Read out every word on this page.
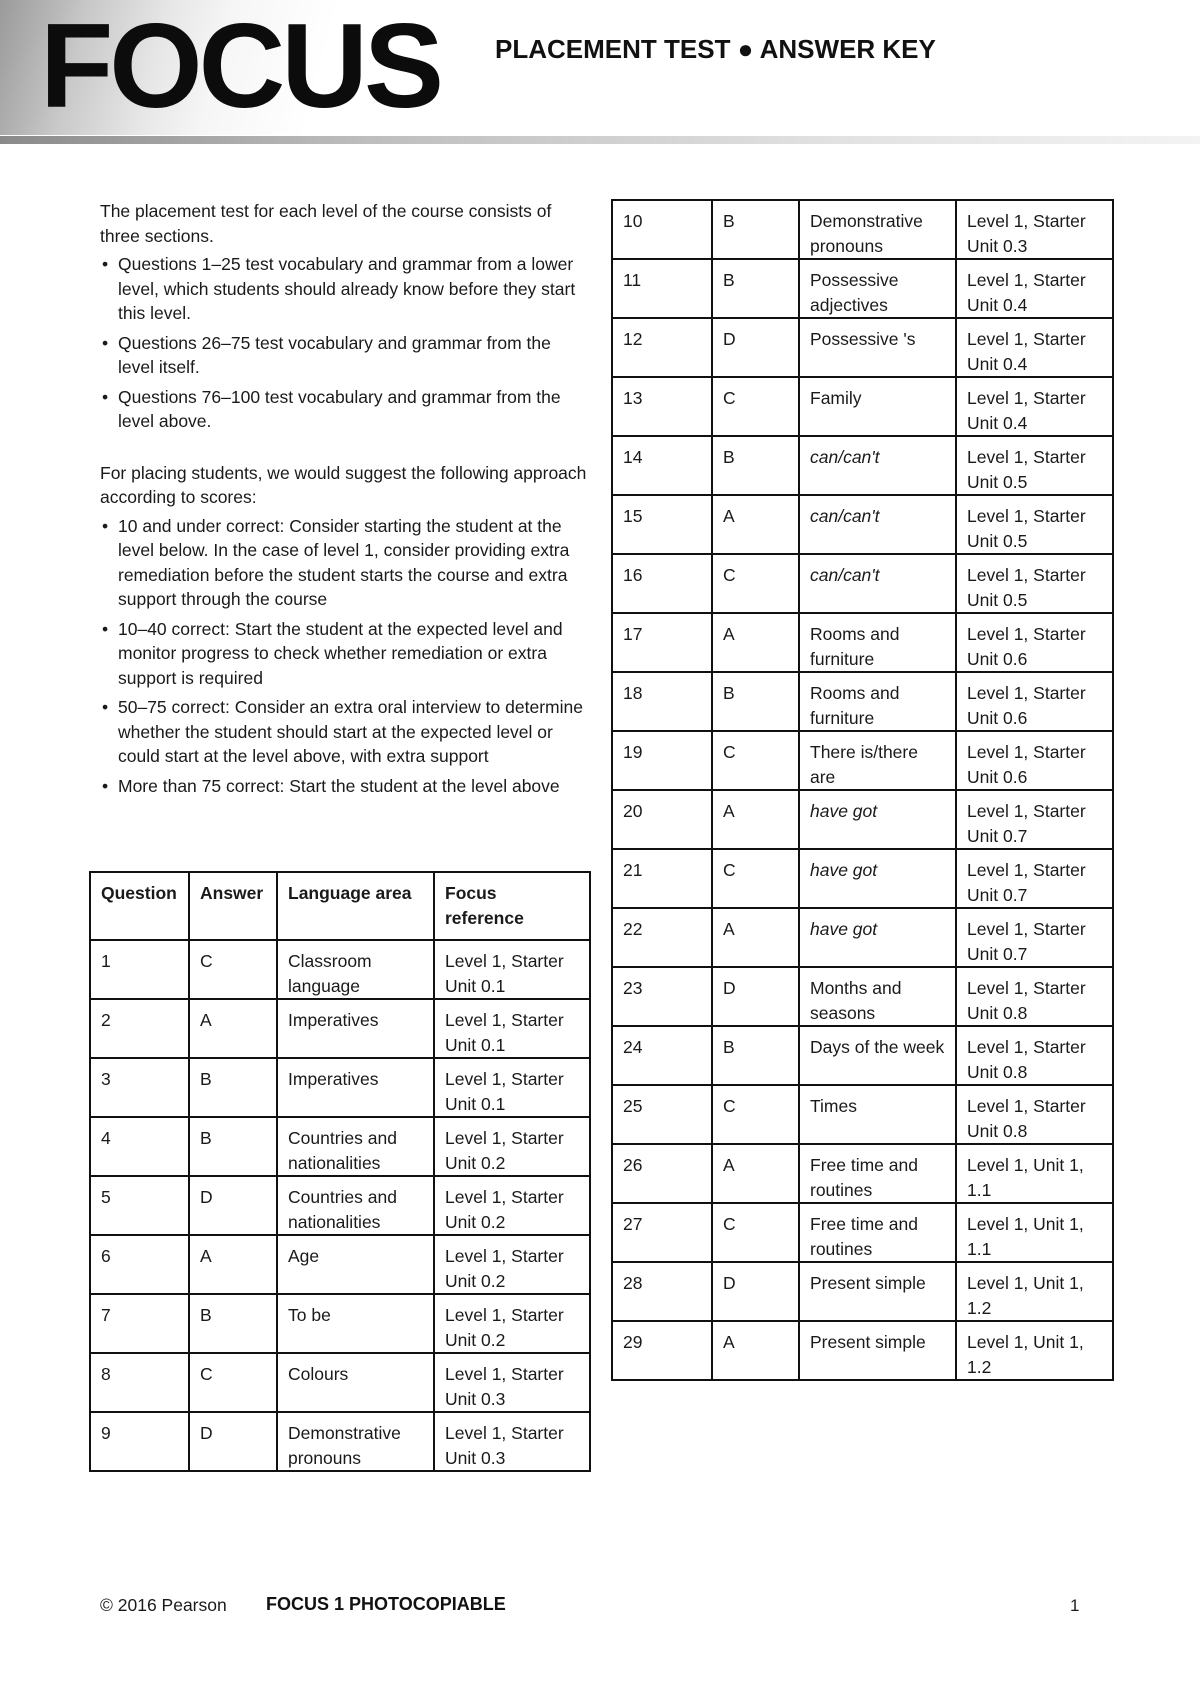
FOCUS PLACEMENT TEST ● ANSWER KEY

The placement test for each level of the course consists of three sections.

• Questions 1–25 test vocabulary and grammar from a lower level, which students should already know before they start this level.
• Questions 26–75 test vocabulary and grammar from the level itself.
• Questions 76–100 test vocabulary and grammar from the level above.

For placing students, we would suggest the following approach according to scores:

• 10 and under correct: Consider starting the student at the level below. In the case of level 1, consider providing extra remediation before the student starts the course and extra support through the course
• 10–40 correct: Start the student at the expected level and monitor progress to check whether remediation or extra support is required
• 50–75 correct: Consider an extra oral interview to determine whether the student should start at the expected level or could start at the level above, with extra support
• More than 75 correct: Start the student at the level above
Question	Answer	Language area	Focus reference
1	C	Classroom language	Level 1, Starter Unit 0.1
2	A	Imperatives	Level 1, Starter Unit 0.1
3	B	Imperatives	Level 1, Starter Unit 0.1
4	B	Countries and nationalities	Level 1, Starter Unit 0.2
5	D	Countries and nationalities	Level 1, Starter Unit 0.2
6	A	Age	Level 1, Starter Unit 0.2
7	B	To be	Level 1, Starter Unit 0.2
8	C	Colours	Level 1, Starter Unit 0.3
9	D	Demonstrative pronouns	Level 1, Starter Unit 0.3
10	B	Demonstrative pronouns	Level 1, Starter Unit 0.3
11	B	Possessive adjectives	Level 1, Starter Unit 0.4
12	D	Possessive 's	Level 1, Starter Unit 0.4
13	C	Family	Level 1, Starter Unit 0.4
14	B	can/can't	Level 1, Starter Unit 0.5
15	A	can/can't	Level 1, Starter Unit 0.5
16	C	can/can't	Level 1, Starter Unit 0.5
17	A	Rooms and furniture	Level 1, Starter Unit 0.6
18	B	Rooms and furniture	Level 1, Starter Unit 0.6
19	C	There is/there are	Level 1, Starter Unit 0.6
20	A	have got	Level 1, Starter Unit 0.7
21	C	have got	Level 1, Starter Unit 0.7
22	A	have got	Level 1, Starter Unit 0.7
23	D	Months and seasons	Level 1, Starter Unit 0.8
24	B	Days of the week	Level 1, Starter Unit 0.8
25	C	Times	Level 1, Starter Unit 0.8
26	A	Free time and routines	Level 1, Unit 1, 1.1
27	C	Free time and routines	Level 1, Unit 1, 1.1
28	D	Present simple	Level 1, Unit 1, 1.2
29	A	Present simple	Level 1, Unit 1, 1.2
© 2016 Pearson FOCUS 1 PHOTOCOPIABLE	1
